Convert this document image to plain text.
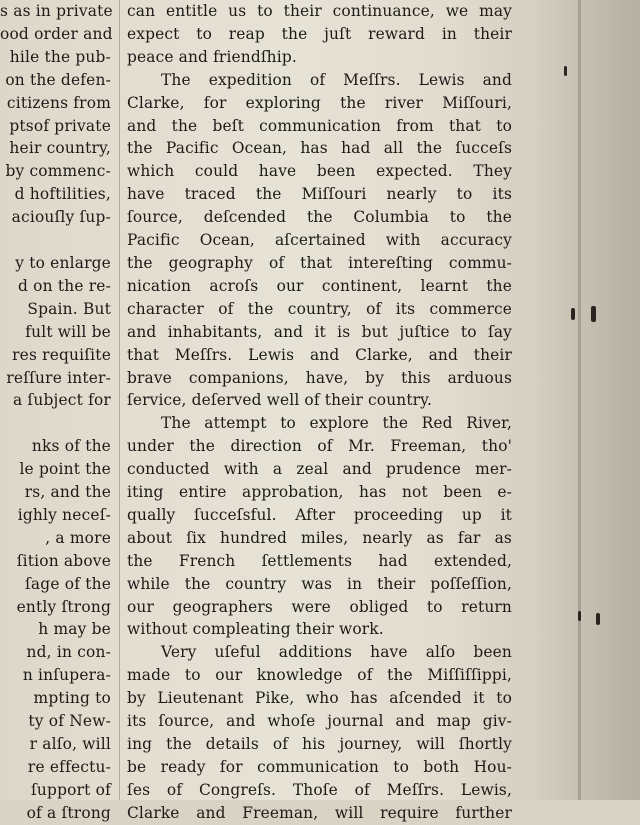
s as in private
ood order and
hile the pub-
on the defen-
citizens from
ptsof private
heir country,
by commenc-
d hoftilities,
aciouſly ſup-

y to enlarge
d on the re-
Spain. But
fult will be
res requiſite
reſſure inter-
a ſubject for

nks of the
le point the
rs, and the
ighly neceſ-
, a more
ſition above
ſage of the
ently ſtrong
h may be
nd, in con-
n inſupera-
mpting to
ty of New-
r alſo, will
re effectu-
ſupport of
of a ſtrong
can entitle us to their continuance, we may
expect to reap the juſt reward in their
peace and friendſhip.
The expedition of Meſſrs. Lewis and
Clarke, for exploring the river Miſſouri,
and the beſt communication from that to
the Pacific Ocean, has had all the ſucceſs
which could have been expected. They
have traced the Miſſouri nearly to its
ſource, deſcended the Columbia to the
Pacific Ocean, aſcertained with accuracy
the geography of that intereſting commu-
nication acroſs our continent, learnt the
character of the country, of its commerce
and inhabitants, and it is but juſtice to ſay
that Meſſrs. Lewis and Clarke, and their
brave companions, have, by this arduous
ſervice, deſerved well of their country.
The attempt to explore the Red River,
under the direction of Mr. Freeman, tho'
conducted with a zeal and prudence mer-
iting entire approbation, has not been e-
qually ſucceſsful. After proceeding up it
about ſix hundred miles, nearly as far as
the French ſettlements had extended,
while the country was in their poſſeſſion,
our geographers were obliged to return
without compleating their work.
Very uſeful additions have alſo been
made to our knowledge of the Miſſiſſippi,
by Lieutenant Pike, who has aſcended it to
its ſource, and whoſe journal and map giv-
ing the details of his journey, will ſhortly
be ready for communication to both Hou-
ſes of Congreſs. Thoſe of Meſſrs. Lewis,
Clarke and Freeman, will require further
